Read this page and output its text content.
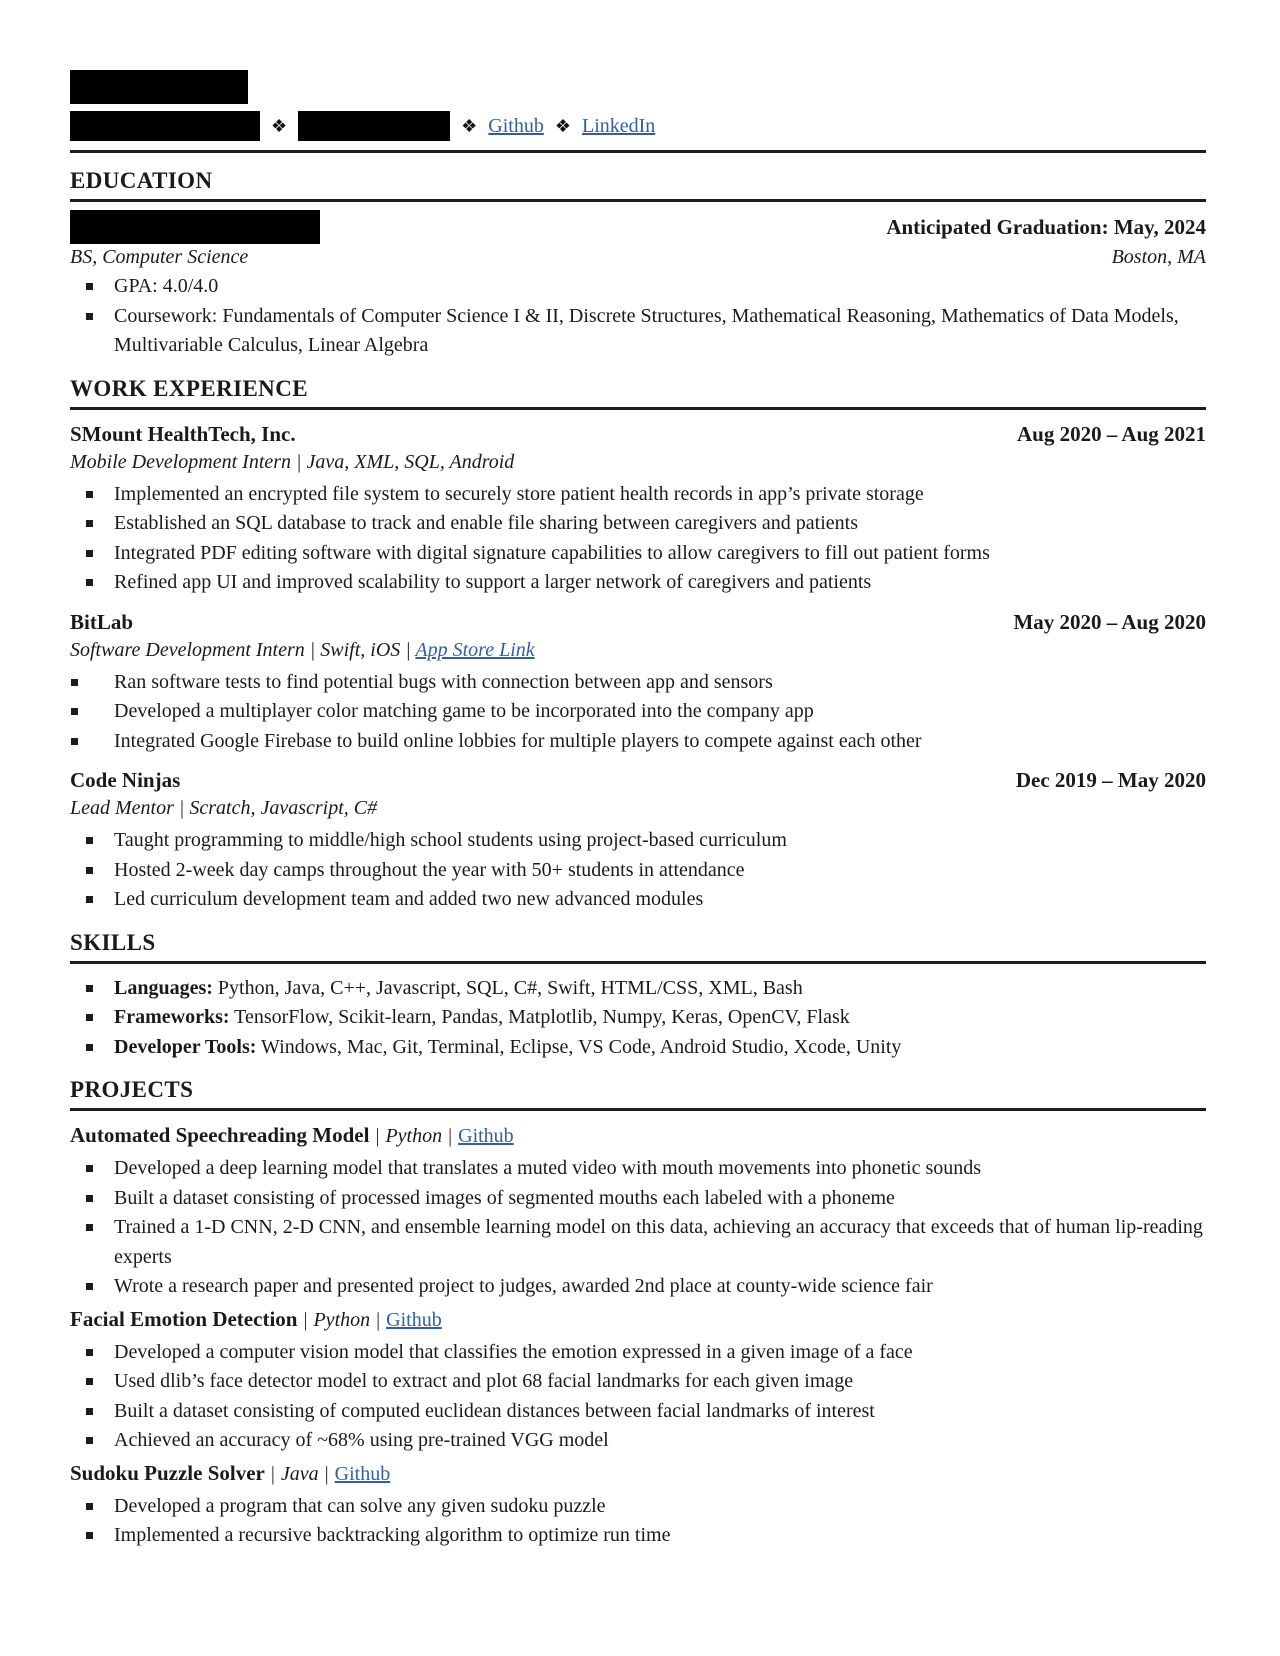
❖	❖ Github ❖ LinkedIn
EDUCATION
Anticipated Graduation: May, 2024
BS, Computer Science	Boston, MA
GPA: 4.0/4.0
Coursework: Fundamentals of Computer Science I & II, Discrete Structures, Mathematical Reasoning, Mathematics of Data Models, Multivariable Calculus, Linear Algebra
WORK EXPERIENCE
SMount HealthTech, Inc.	Aug 2020 – Aug 2021
Mobile Development Intern | Java, XML, SQL, Android
Implemented an encrypted file system to securely store patient health records in app’s private storage
Established an SQL database to track and enable file sharing between caregivers and patients
Integrated PDF editing software with digital signature capabilities to allow caregivers to fill out patient forms
Refined app UI and improved scalability to support a larger network of caregivers and patients
BitLab	May 2020 – Aug 2020
Software Development Intern | Swift, iOS | App Store Link
Ran software tests to find potential bugs with connection between app and sensors
Developed a multiplayer color matching game to be incorporated into the company app
Integrated Google Firebase to build online lobbies for multiple players to compete against each other
Code Ninjas	Dec 2019 – May 2020
Lead Mentor | Scratch, Javascript, C#
Taught programming to middle/high school students using project-based curriculum
Hosted 2-week day camps throughout the year with 50+ students in attendance
Led curriculum development team and added two new advanced modules
SKILLS
Languages: Python, Java, C++, Javascript, SQL, C#, Swift, HTML/CSS, XML, Bash
Frameworks: TensorFlow, Scikit-learn, Pandas, Matplotlib, Numpy, Keras, OpenCV, Flask
Developer Tools: Windows, Mac, Git, Terminal, Eclipse, VS Code, Android Studio, Xcode, Unity
PROJECTS
Automated Speechreading Model | Python | Github
Developed a deep learning model that translates a muted video with mouth movements into phonetic sounds
Built a dataset consisting of processed images of segmented mouths each labeled with a phoneme
Trained a 1-D CNN, 2-D CNN, and ensemble learning model on this data, achieving an accuracy that exceeds that of human lip-reading experts
Wrote a research paper and presented project to judges, awarded 2nd place at county-wide science fair
Facial Emotion Detection | Python | Github
Developed a computer vision model that classifies the emotion expressed in a given image of a face
Used dlib’s face detector model to extract and plot 68 facial landmarks for each given image
Built a dataset consisting of computed euclidean distances between facial landmarks of interest
Achieved an accuracy of ~68% using pre-trained VGG model
Sudoku Puzzle Solver | Java | Github
Developed a program that can solve any given sudoku puzzle
Implemented a recursive backtracking algorithm to optimize run time
